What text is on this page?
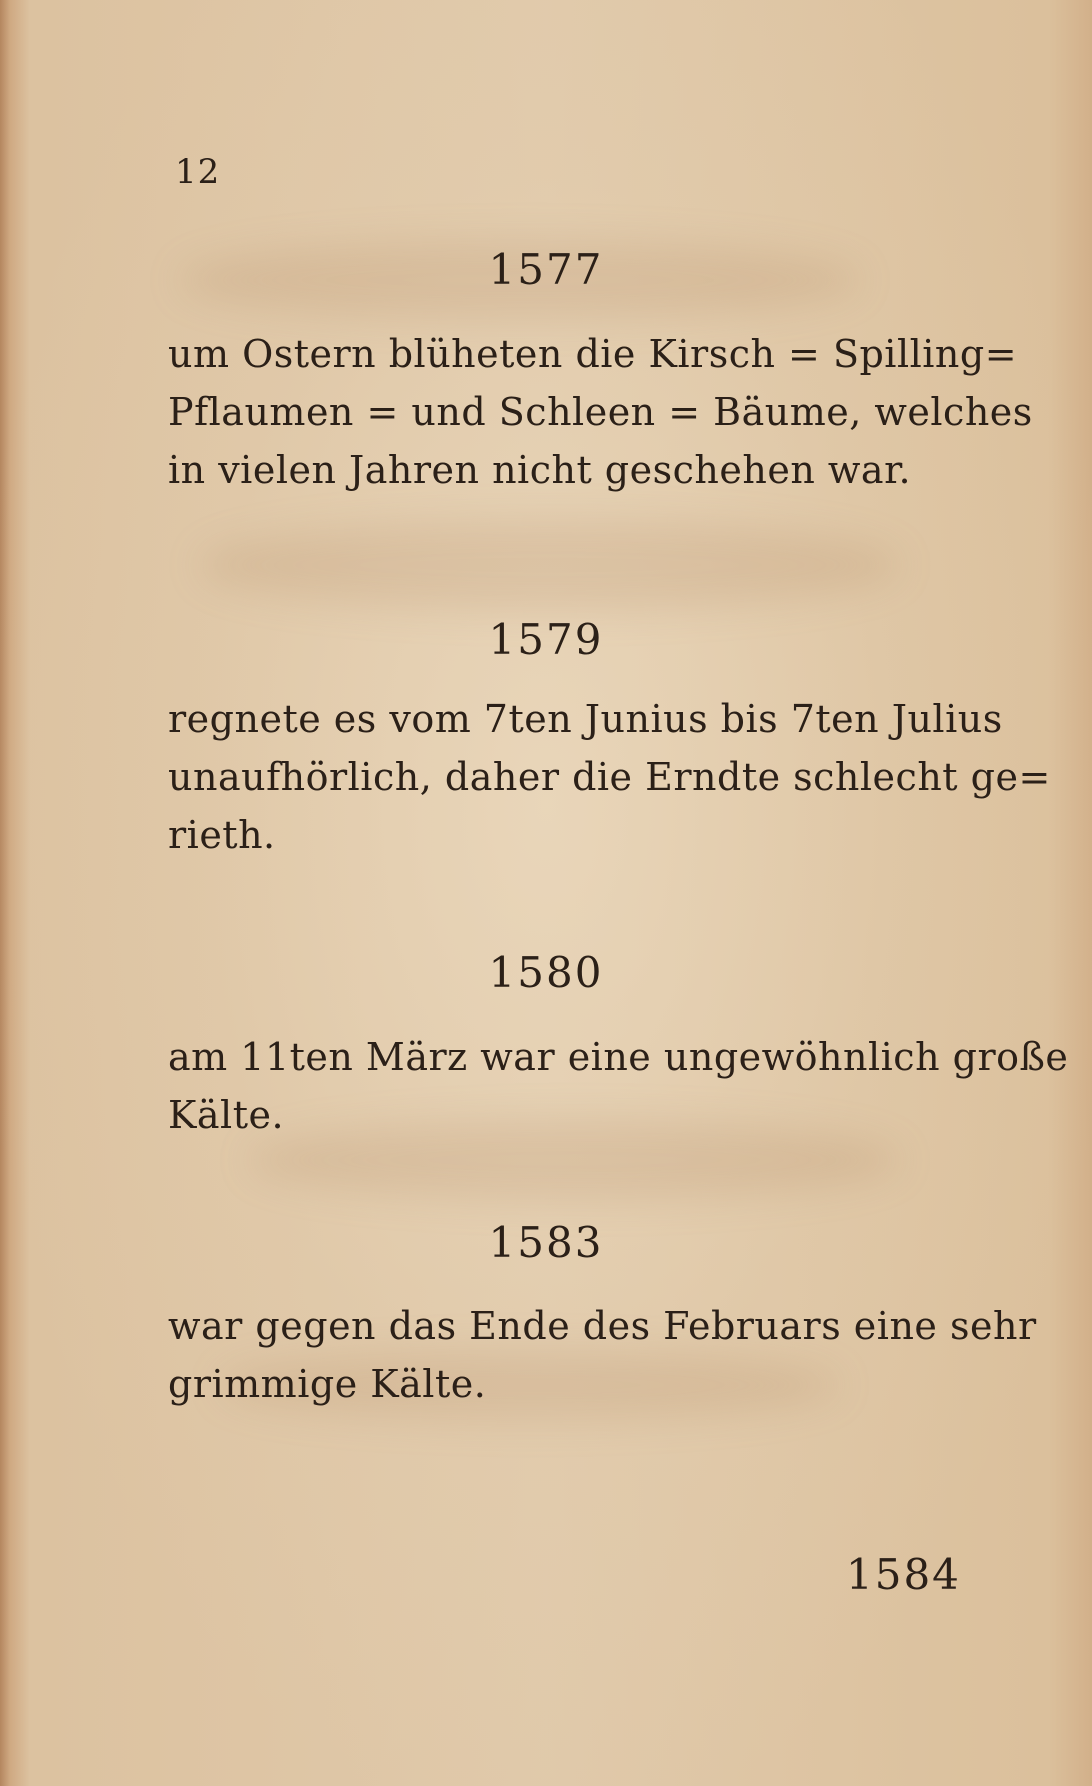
12
1577
um Ostern blüheten die Kirsch = Spilling=
Pflaumen = und Schleen = Bäume, welches
in vielen Jahren nicht geschehen war.
1579
regnete es vom 7ten Junius bis 7ten Julius
unaufhörlich, daher die Erndte schlecht ge=
rieth.
1580
am 11ten März war eine ungewöhnlich große
Kälte.
1583
war gegen das Ende des Februars eine sehr
grimmige Kälte.
1584
